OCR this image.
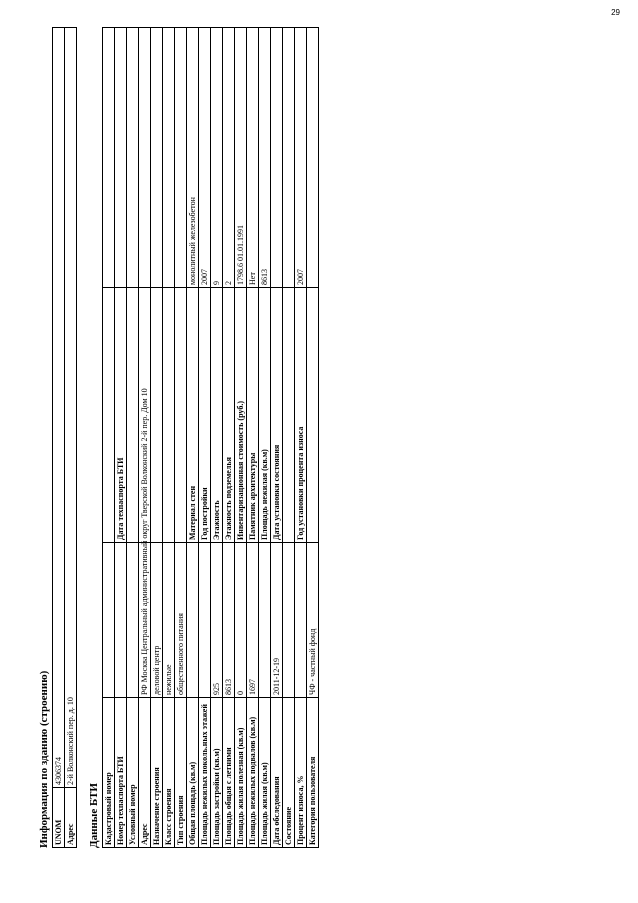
29
Информация по зданию (строению) UNOM	4306374
Адрес	2-й Волконский пер. д. 10
Данные БТИ Кадастровый номер			
Номер техпаспорта БТИ		Дата техпаспорта БТИ	
Условный номер			
Адрес	РФ Москва Центральный административный округ Тверской Волконский 2-й пер. Дом 10		
Назначение строения	деловой центр		
Класс строения	нежилые		
Тип строения	общественного питания		
Общая площадь (кв.м)		Материал стен	монолитный железобетон
Площадь нежилых поколь.ных этажей		Год постройки	2007
Площадь застройки (кв.м)	925	Этажность	9
Площадь общая с летними	8613	Этажность подземелья	2
Площадь жилая полезная (кв.м)	0	Инвентаризационная стоимость (руб.)	1798.6 01.01.1991
Площадь нежилых подвалов (кв.м)	1697	Памятник архитектуры	Нет
Площадь жилая (кв.м)		Площадь нежилая (кв.м)	8613
Дата обследования	2011-12-19	Дата установки состояния	
Состояние			
Процент износа, %		Год установки процента износа	2007
Категория пользователя	ЧФ - частный фонд		
